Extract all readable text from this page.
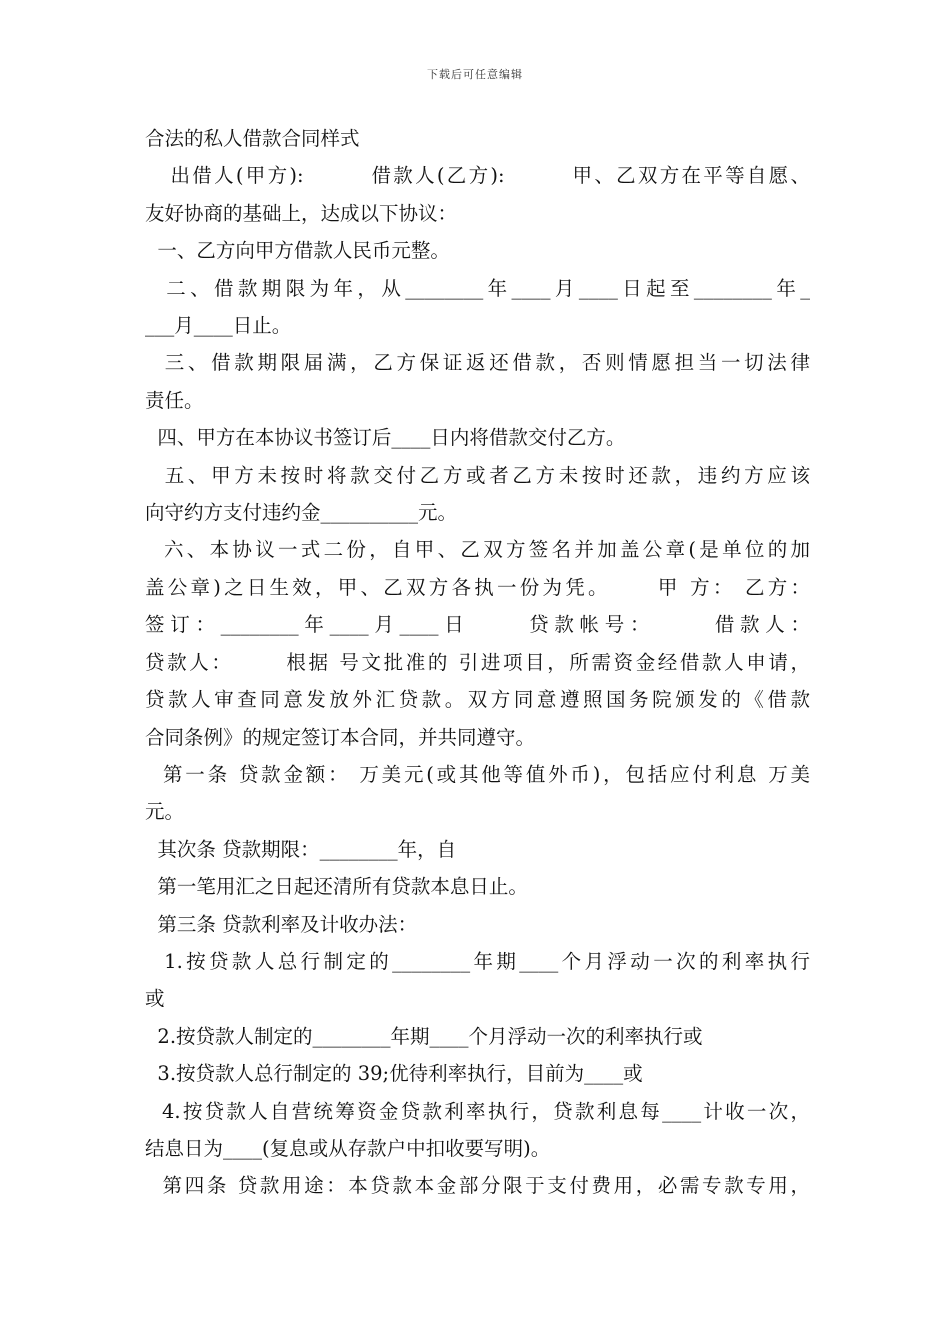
下载后可任意编辑

合法的私人借款合同样式

出借人(甲方):        借款人(乙方):        甲、乙双方在平等自愿、

友好协商的基础上，达成以下协议：

一、乙方向甲方借款人民币元整。

二、借款期限为年，从________年____月____日起至________年_

___月____日止。

三、借款期限届满，乙方保证返还借款，否则情愿担当一切法律

责任。

四、甲方在本协议书签订后____日内将借款交付乙方。

五、甲方未按时将款交付乙方或者乙方未按时还款，违约方应该

向守约方支付违约金__________元。

六、本协议一式二份，自甲、乙双方签名并加盖公章(是单位的加

盖公章)之日生效，甲、乙双方各执一份为凭。     甲 方： 乙方：

签订：________年____月____日     贷款帐号：     借款人：

贷款人：      根据 号文批准的 引进项目，所需资金经借款人申请，

贷款人审查同意发放外汇贷款。双方同意遵照国务院颁发的《借款

合同条例》的规定签订本合同，并共同遵守。

第一条 贷款金额： 万美元(或其他等值外币)，包括应付利息 万美

元。

其次条 贷款期限：________年，自

第一笔用汇之日起还清所有贷款本息日止。

第三条 贷款利率及计收办法：

1.按贷款人总行制定的________年期____个月浮动一次的利率执行

或

2.按贷款人制定的________年期____个月浮动一次的利率执行或

3.按贷款人总行制定的 39;优待利率执行，目前为____或

4.按贷款人自营统筹资金贷款利率执行，贷款利息每____计收一次，

结息日为____(复息或从存款户中扣收要写明)。

第四条 贷款用途：本贷款本金部分限于支付费用，必需专款专用，
